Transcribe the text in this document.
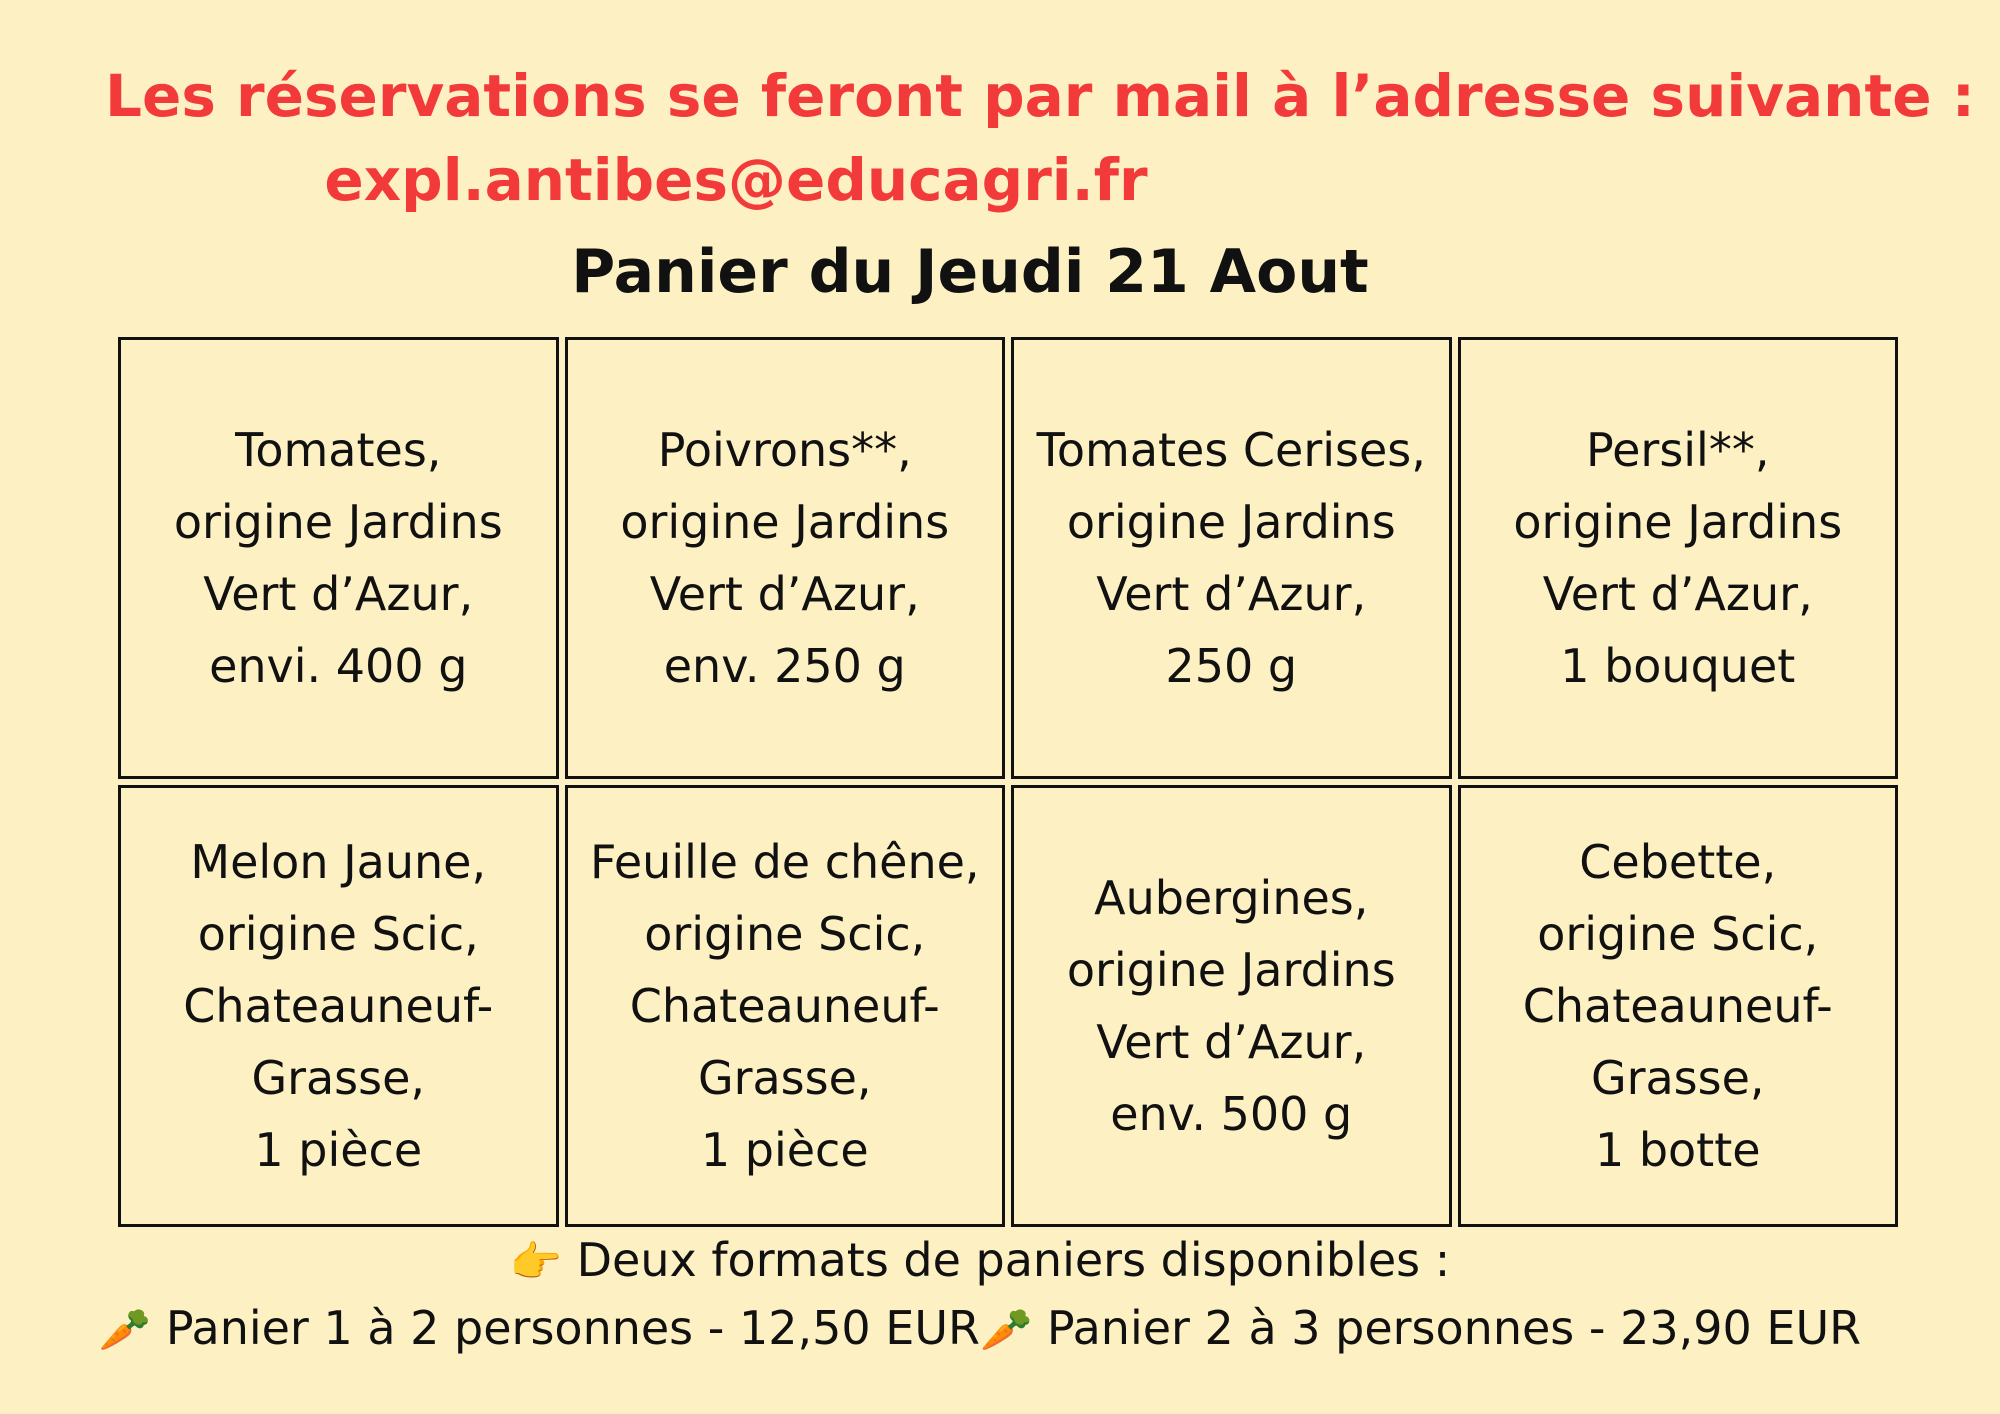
Les réservations se feront par mail à l’adresse suivante :
expl.antibes@educagri.fr
Panier du Jeudi 21 Aout
Tomates,
origine Jardins
Vert d’Azur,
envi. 400 g
Poivrons**,
origine Jardins
Vert d’Azur,
env. 250 g
Tomates Cerises,
origine Jardins
Vert d’Azur,
250 g
Persil**,
origine Jardins
Vert d’Azur,
1 bouquet
Melon Jaune,
origine Scic,
Chateauneuf-
Grasse,
1 pièce
Feuille de chêne,
origine Scic,
Chateauneuf-
Grasse,
1 pièce
Aubergines,
origine Jardins
Vert d’Azur,
env. 500 g
Cebette,
origine Scic,
Chateauneuf-
Grasse,
1 botte
👉 Deux formats de paniers disponibles :
🥕 Panier 1 à 2 personnes - 12,50 EUR🥕 Panier 2 à 3 personnes - 23,90 EUR
